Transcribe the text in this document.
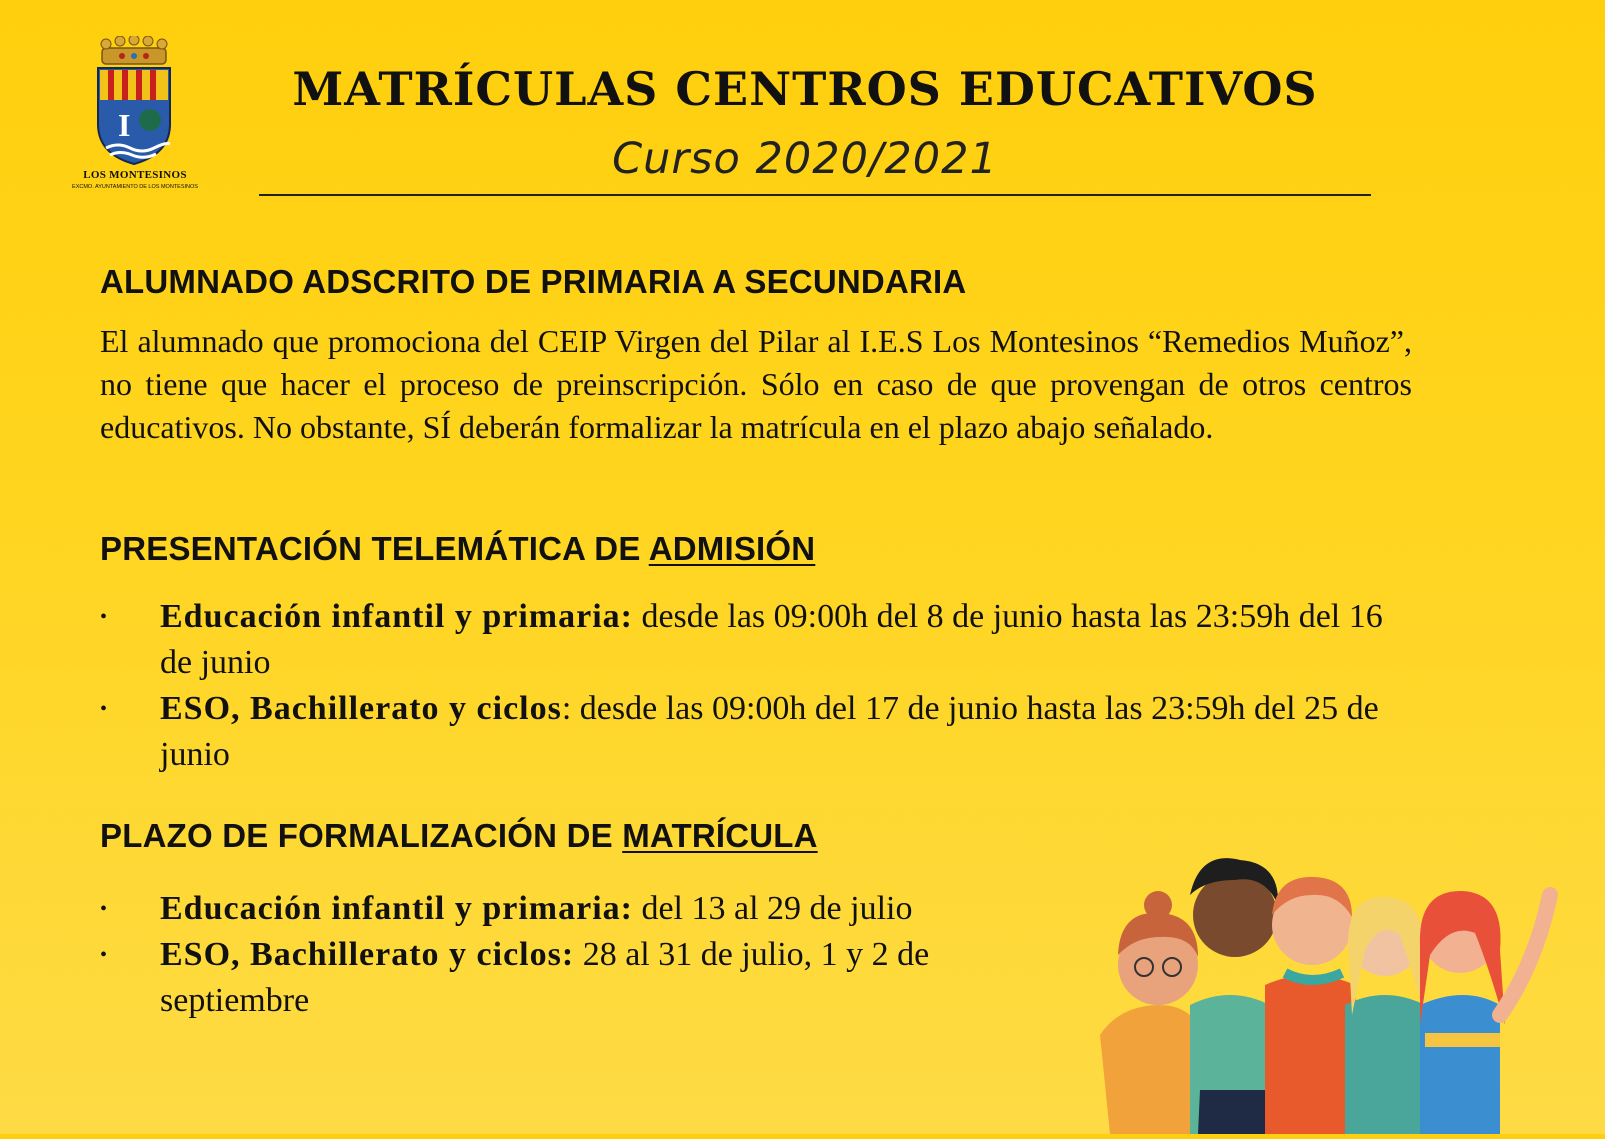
I
LOS MONTESINOS
EXCMO. AYUNTAMIENTO DE LOS MONTESINOS
MATRÍCULAS CENTROS EDUCATIVOS
Curso 2020/2021
ALUMNADO ADSCRITO DE PRIMARIA A SECUNDARIA
El alumnado que promociona del CEIP Virgen del Pilar al I.E.S Los Montesinos “Remedios Muñoz”, no tiene que hacer el proceso de preinscripción. Sólo en caso de que provengan de otros centros educativos. No obstante, SÍ deberán formalizar la matrícula en el plazo abajo señalado.
PRESENTACIÓN TELEMÁTICA DE ADMISIÓN
• Educación infantil y primaria: desde las 09:00h del 8 de junio hasta las 23:59h del 16 de junio
• ESO, Bachillerato y ciclos: desde las 09:00h del 17 de junio hasta las 23:59h del 25 de junio
PLAZO DE FORMALIZACIÓN DE MATRÍCULA
• Educación infantil y primaria: del 13 al 29 de julio
• ESO, Bachillerato y ciclos: 28 al 31 de julio, 1 y 2 de septiembre
